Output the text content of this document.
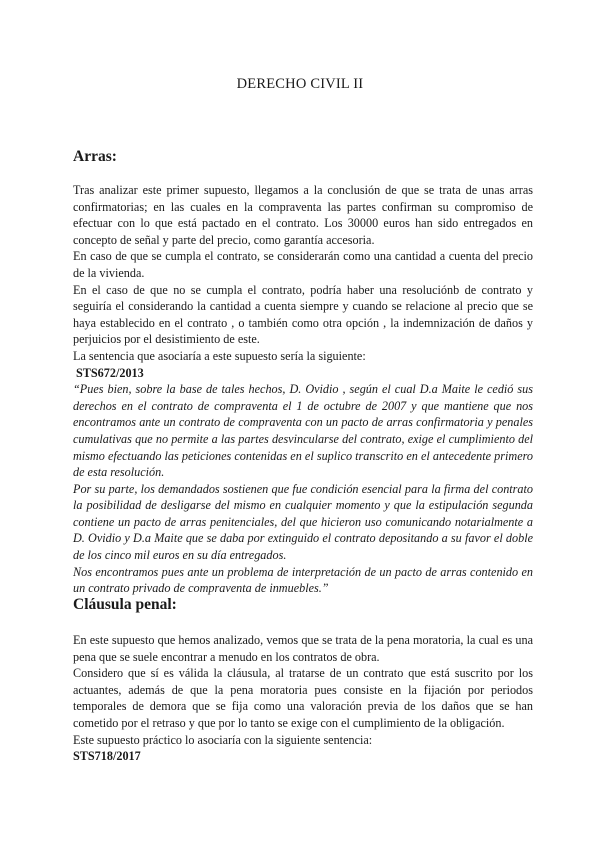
DERECHO CIVIL II
Arras:

Tras analizar este primer supuesto, llegamos a la conclusión de que se trata de unas arras confirmatorias; en las cuales en la compraventa las partes confirman su compromiso de efectuar con lo que está pactado en el contrato. Los 30000 euros han sido entregados en concepto de señal y parte del precio, como garantía accesoria.

En caso de que se cumpla el contrato, se considerarán como una cantidad a cuenta del precio de la vivienda.

En el caso de que no se cumpla el contrato, podría haber una resoluciónb de contrato y seguiría el considerando la cantidad a cuenta siempre y cuando se relacione al precio que se haya establecido en el contrato , o también como otra opción , la indemnización de daños y perjuicios por el desistimiento de este.

La sentencia que asociaría a este supuesto sería la siguiente:

STS672/2013

“Pues bien, sobre la base de tales hechos, D. Ovidio , según el cual D.a Maite le cedió sus derechos en el contrato de compraventa el 1 de octubre de 2007 y que mantiene que nos encontramos ante un contrato de compraventa con un pacto de arras confirmatoria y penales cumulativas que no permite a las partes desvincularse del contrato, exige el cumplimiento del mismo efectuando las peticiones contenidas en el suplico transcrito en el antecedente primero de esta resolución.

Por su parte, los demandados sostienen que fue condición esencial para la firma del contrato la posibilidad de desligarse del mismo en cualquier momento y que la estipulación segunda contiene un pacto de arras penitenciales, del que hicieron uso comunicando notarialmente a D. Ovidio y D.a Maite que se daba por extinguido el contrato depositando a su favor el doble de los cinco mil euros en su día entregados.

Nos encontramos pues ante un problema de interpretación de un pacto de arras contenido en un contrato privado de compraventa de inmuebles.”

Cláusula penal:

En este supuesto que hemos analizado, vemos que se trata de la pena moratoria, la cual es una pena que se suele encontrar a menudo en los contratos de obra.

Considero que sí es válida la cláusula, al tratarse de un contrato que está suscrito por los actuantes, además de que la pena moratoria pues consiste en la fijación por periodos temporales de demora que se fija como una valoración previa de los daños que se han cometido por el retraso y que por lo tanto se exige con el cumplimiento de la obligación.

Este supuesto práctico lo asociaría con la siguiente sentencia:

STS718/2017
